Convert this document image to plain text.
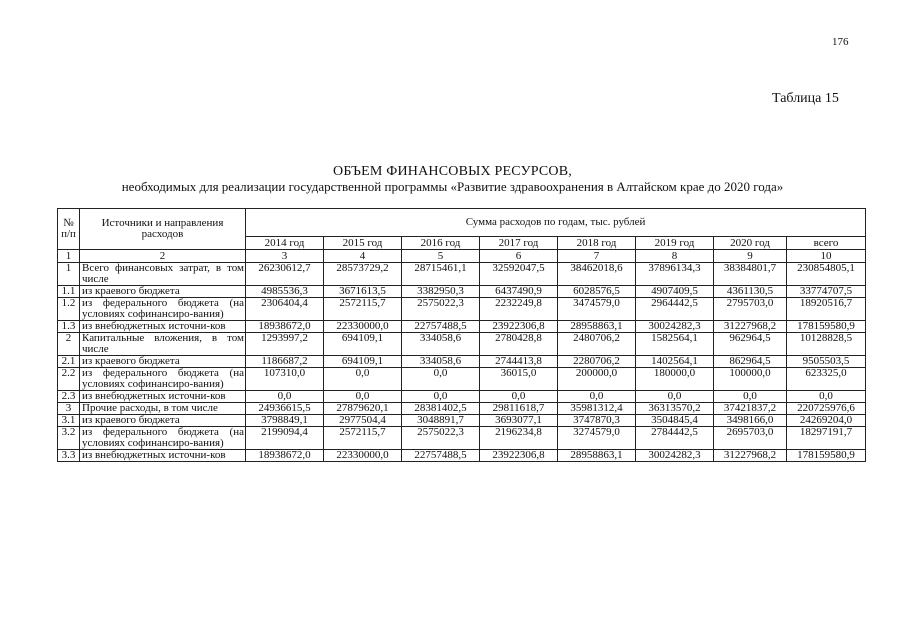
176
Таблица 15
ОБЪЕМ ФИНАНСОВЫХ РЕСУРСОВ,
необходимых для реализации государственной программы «Развитие здравоохранения в Алтайском крае до 2020 года»
№ п/п	Источники и направления расходов	Сумма расходов по годам, тыс. рублей							
		2014 год	2015 год	2016 год	2017 год	2018 год	2019 год	2020 год	всего
1	2	3	4	5	6	7	8	9	10
1	Всего финансовых затрат, в том числе	26230612,7	28573729,2	28715461,1	32592047,5	38462018,6	37896134,3	38384801,7	230854805,1
1.1	из краевого бюджета	4985536,3	3671613,5	3382950,3	6437490,9	6028576,5	4907409,5	4361130,5	33774707,5
1.2	из федерального бюджета (на условиях софинансиро-вания)	2306404,4	2572115,7	2575022,3	2232249,8	3474579,0	2964442,5	2795703,0	18920516,7
1.3	из внебюджетных источни-ков	18938672,0	22330000,0	22757488,5	23922306,8	28958863,1	30024282,3	31227968,2	178159580,9
2	Капитальные вложения, в том числе	1293997,2	694109,1	334058,6	2780428,8	2480706,2	1582564,1	962964,5	10128828,5
2.1	из краевого бюджета	1186687,2	694109,1	334058,6	2744413,8	2280706,2	1402564,1	862964,5	9505503,5
2.2	из федерального бюджета (на условиях софинансиро-вания)	107310,0	0,0	0,0	36015,0	200000,0	180000,0	100000,0	623325,0
2.3	из внебюджетных источни-ков	0,0	0,0	0,0	0,0	0,0	0,0	0,0	0,0
3	Прочие расходы, в том числе	24936615,5	27879620,1	28381402,5	29811618,7	35981312,4	36313570,2	37421837,2	220725976,6
3.1	из краевого бюджета	3798849,1	2977504,4	3048891,7	3693077,1	3747870,3	3504845,4	3498166,0	24269204,0
3.2	из федерального бюджета (на условиях софинансиро-вания)	2199094,4	2572115,7	2575022,3	2196234,8	3274579,0	2784442,5	2695703,0	18297191,7
3.3	из внебюджетных источни-ков	18938672,0	22330000,0	22757488,5	23922306,8	28958863,1	30024282,3	31227968,2	178159580,9
